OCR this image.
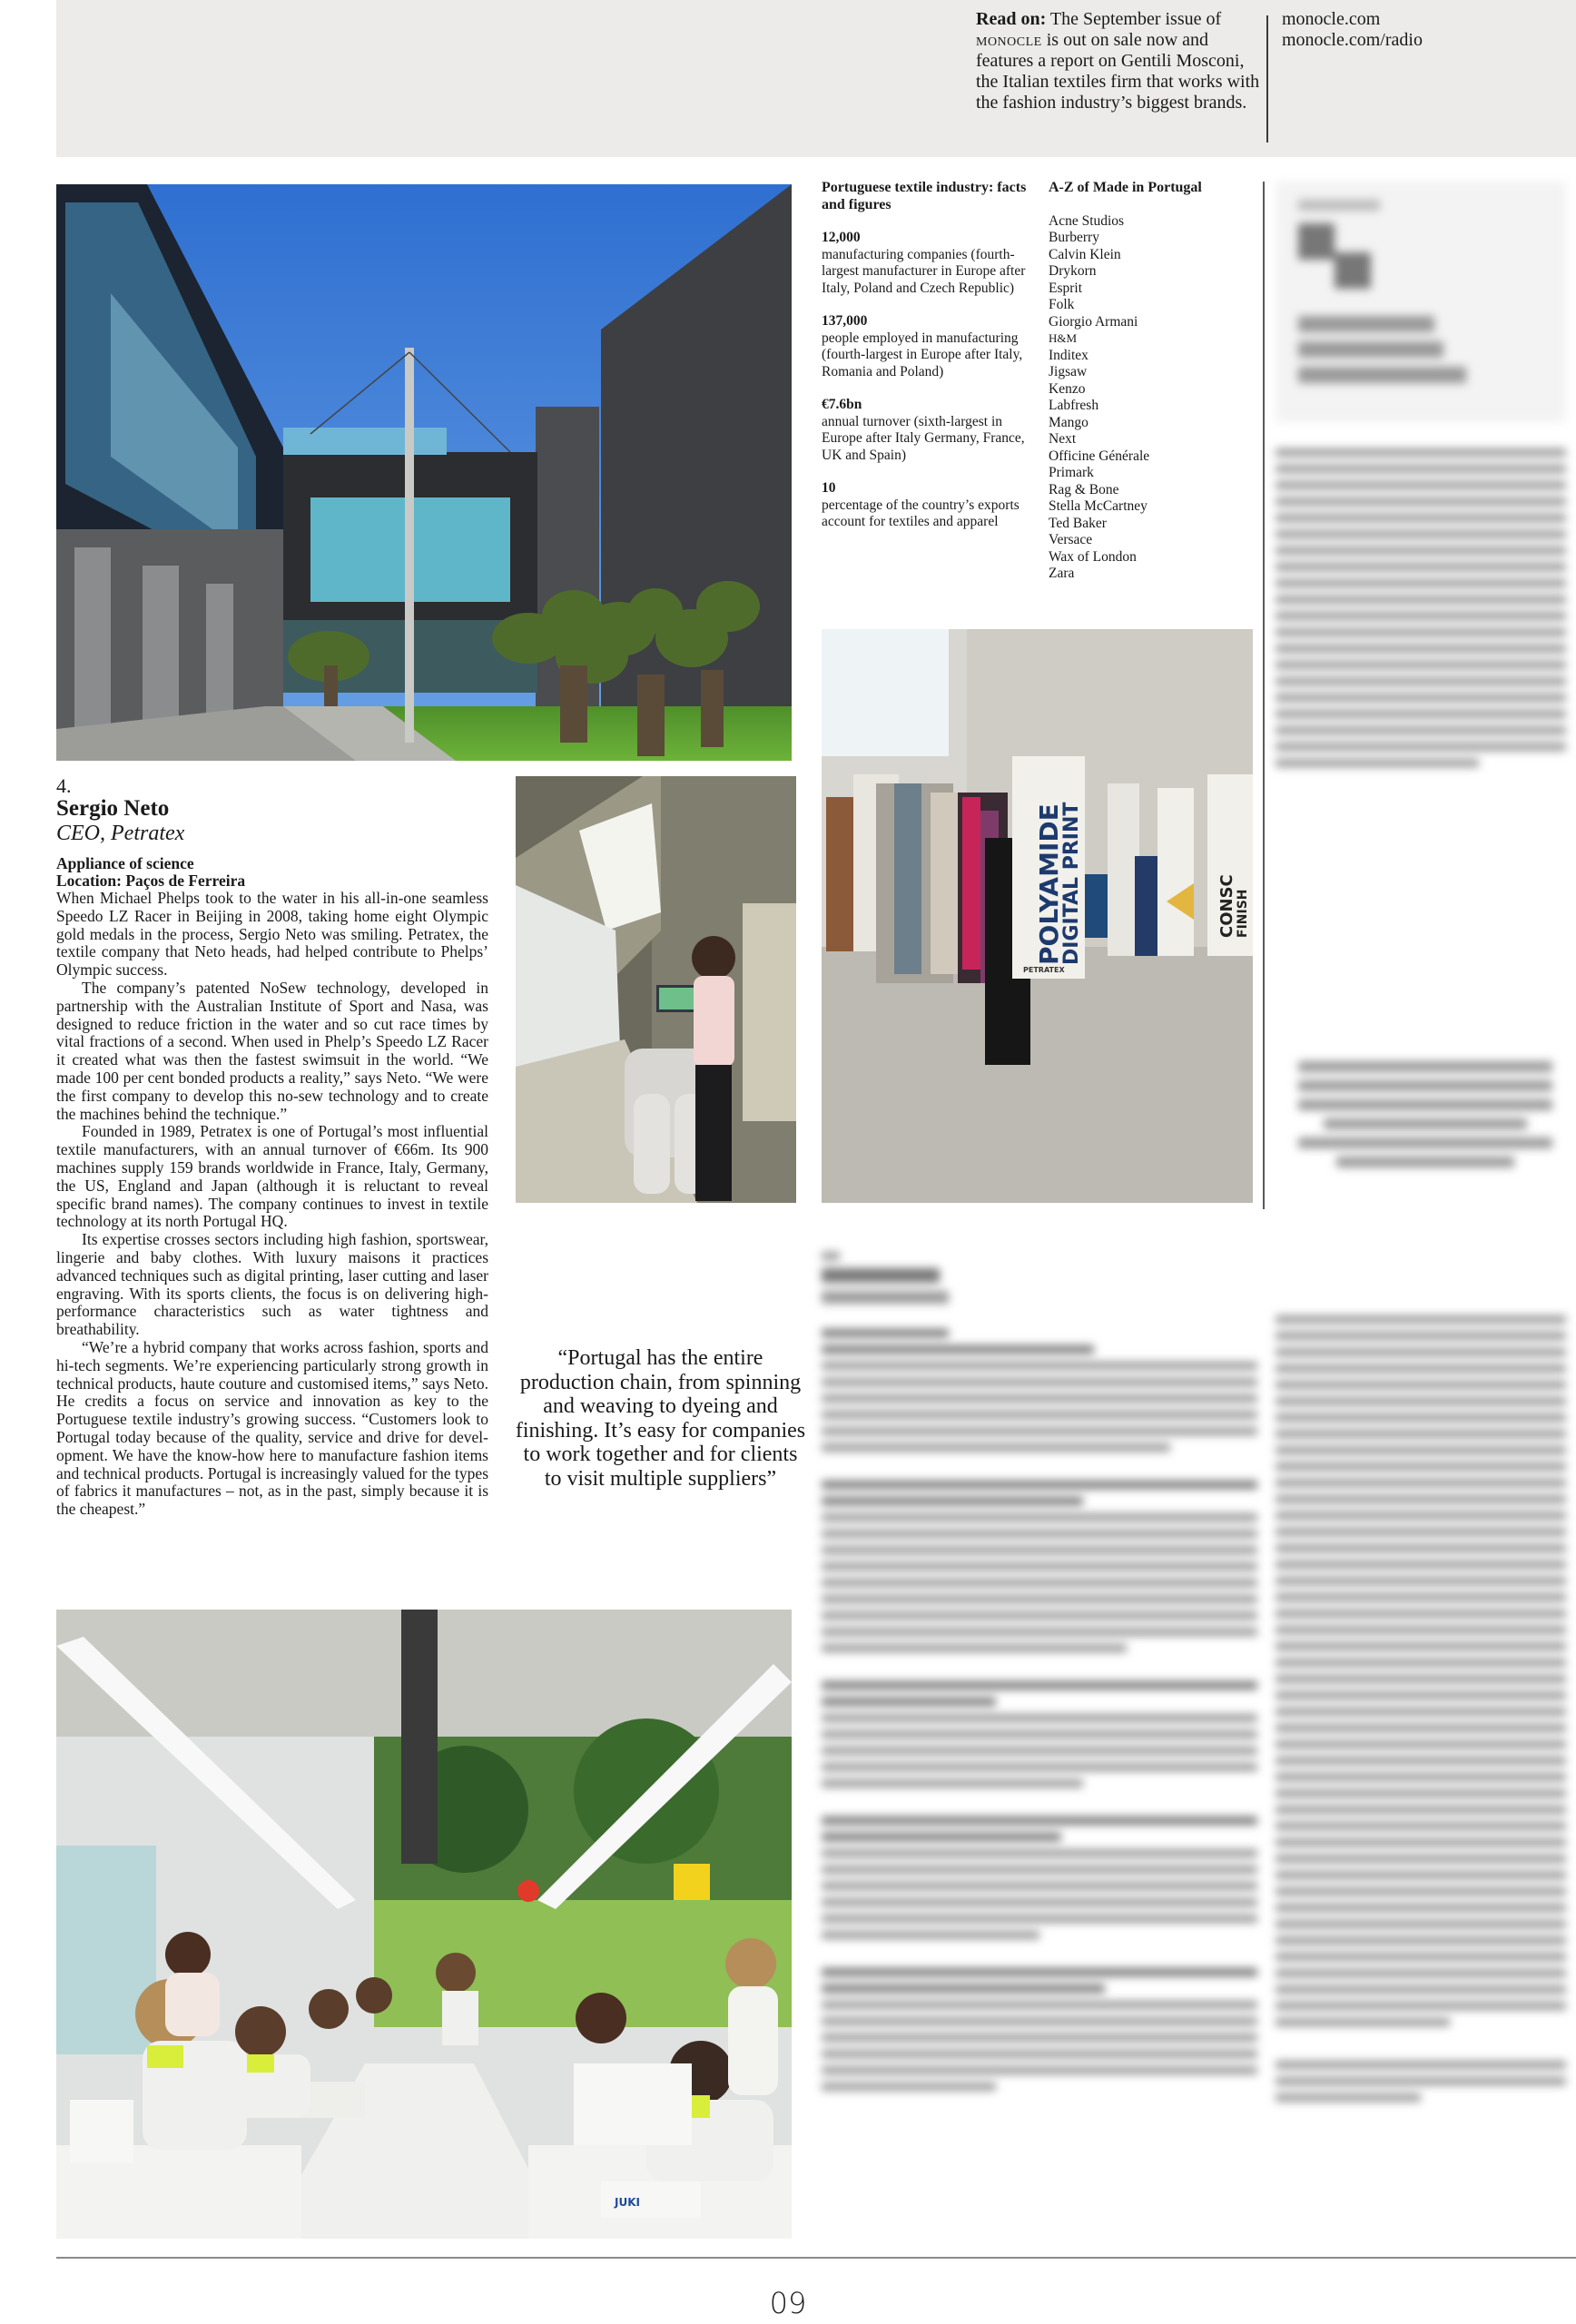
Read on: The September issue of monocle is out on sale now and features a report on Gentili Mosconi, the Italian textiles firm that works with the fashion industry’s biggest brands.
monocle.com
monocle.com/radio
Portuguese textile industry: facts and figures
12,000
manufacturing companies (fourth-largest manufacturer in Europe after Italy, Poland and Czech Republic)
137,000
people employed in manufacturing (fourth-largest in Europe after Italy, Romania and Poland)
€7.6bn
annual turnover (sixth-largest in Europe after Italy Germany, France, UK and Spain)
10
percentage of the country’s exports account for textiles and apparel
A-Z of Made in Portugal
Acne Studios
Burberry
Calvin Klein
Drykorn
Esprit
Folk
Giorgio Armani
H&M
Inditex
Jigsaw
Kenzo
Labfresh
Mango
Next
Officine Générale
Primark
Rag & Bone
Stella McCartney
Ted Baker
Versace
Wax of London
Zara
POLYAMIDE
DIGITAL PRINT
PETRATEX
CONSC FINISH
4.
Sergio Neto
CEO, Petratex
Appliance of science
Location: Paços de Ferreira

When Michael Phelps took to the water in his all-in-one seamless Speedo LZ Racer in Beijing in 2008, taking home eight Olympic gold medals in the process, Sergio Neto was smiling. Petratex, the textile company that Neto heads, had helped contribute to Phelps’ Olympic success.

The company’s patented NoSew technology, developed in partnership with the Australian Institute of Sport and Nasa, was designed to reduce friction in the water and so cut race times by vital fractions of a second. When used in Phelp’s Speedo LZ Racer it created what was then the fastest swimsuit in the world. “We made 100 per cent bonded products a reality,” says Neto. “We were the first company to develop this no-sew technology and to create the machines behind the technique.”

Founded in 1989, Petratex is one of Portugal’s most influential textile manufacturers, with an annual turnover of €66m. Its 900 machines supply 159 brands worldwide in France, Italy, Germany, the US, England and Japan (although it is reluctant to reveal specific brand names). The company continues to invest in textile technology at its north Portugal HQ.

Its expertise crosses sectors including high fashion, sportswear, lingerie and baby clothes. With luxury maisons it practices advanced techniques such as digital printing, laser cutting and laser engraving. With its sports clients, the focus is on delivering high-performance characteristics such as water tightness and breathability.

“We’re a hybrid company that works across fashion, sports and hi-tech segments. We’re experiencing particularly strong growth in technical products, haute couture and customised items,” says Neto. He credits a focus on service and innovation as key to the Portuguese textile industry’s growing success. “Customers look to Portugal today because of the quality, service and drive for development. We have the know-how here to manufacture fashion items and technical products. Portugal is increasingly valued for the types of fabrics it manufactures – not, as in the past, simply because it is the cheapest.”

“Portugal has the entire production chain, from spinning and weaving to dyeing and finishing. It’s easy for companies to work together and for clients to visit multiple suppliers”
JUKI
09
